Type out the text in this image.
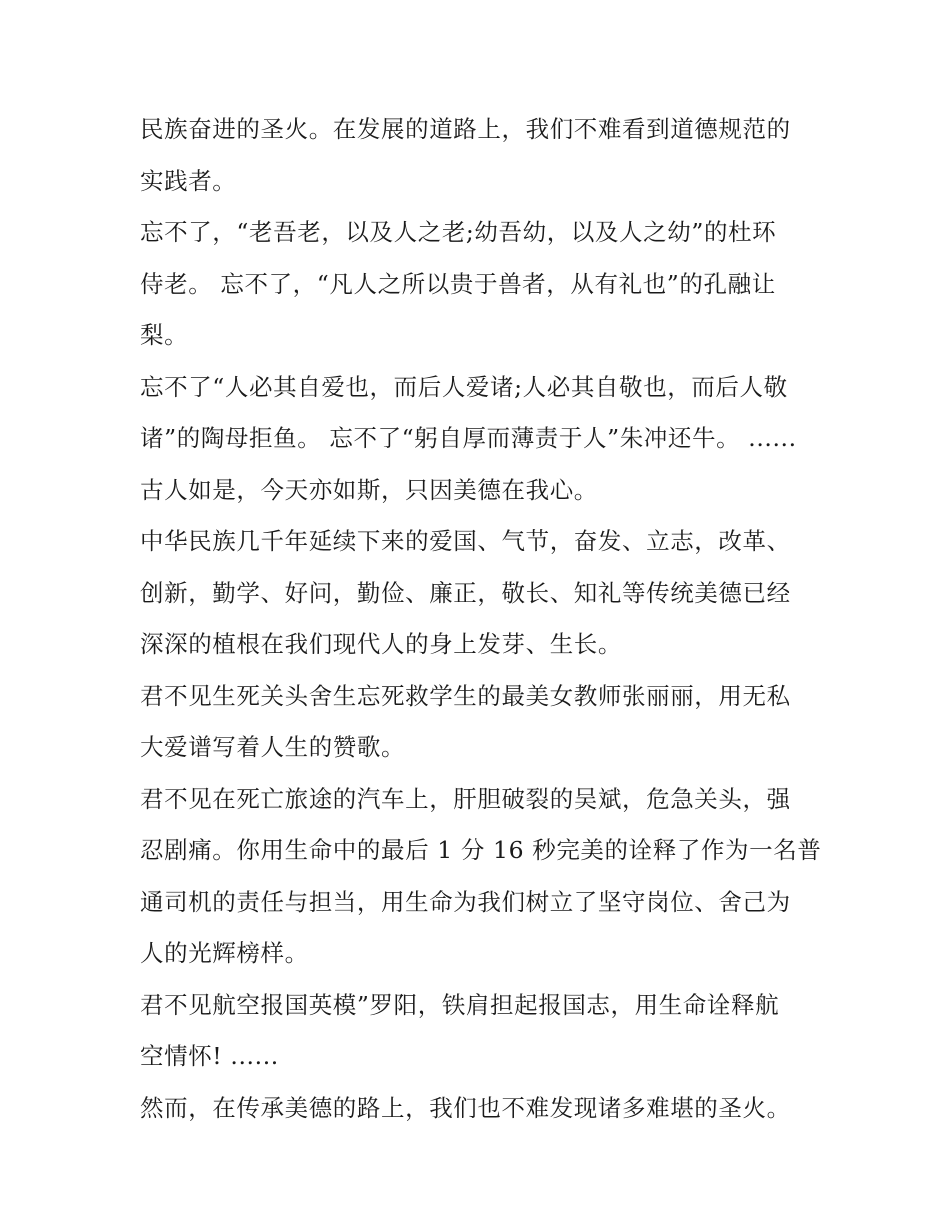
民族奋进的圣火。在发展的道路上，我们不难看到道德规范的
实践者。
忘不了，“老吾老，以及人之老;幼吾幼，以及人之幼”的杜环
侍老。 忘不了，“凡人之所以贵于兽者，从有礼也”的孔融让
梨。
忘不了“人必其自爱也，而后人爱诸;人必其自敬也，而后人敬
诸”的陶母拒鱼。 忘不了“躬自厚而薄责于人”朱冲还牛。 ......
古人如是，今天亦如斯，只因美德在我心。
中华民族几千年延续下来的爱国、气节，奋发、立志，改革、
创新，勤学、好问，勤俭、廉正，敬长、知礼等传统美德已经
深深的植根在我们现代人的身上发芽、生长。
君不见生死关头舍生忘死救学生的最美女教师张丽丽，用无私
大爱谱写着人生的赞歌。
君不见在死亡旅途的汽车上，肝胆破裂的吴斌，危急关头，强
忍剧痛。你用生命中的最后 1 分 16 秒完美的诠释了作为一名普
通司机的责任与担当，用生命为我们树立了坚守岗位、舍己为
人的光辉榜样。
君不见航空报国英模”罗阳，铁肩担起报国志，用生命诠释航
空情怀! ......
然而，在传承美德的路上，我们也不难发现诸多难堪的圣火。
